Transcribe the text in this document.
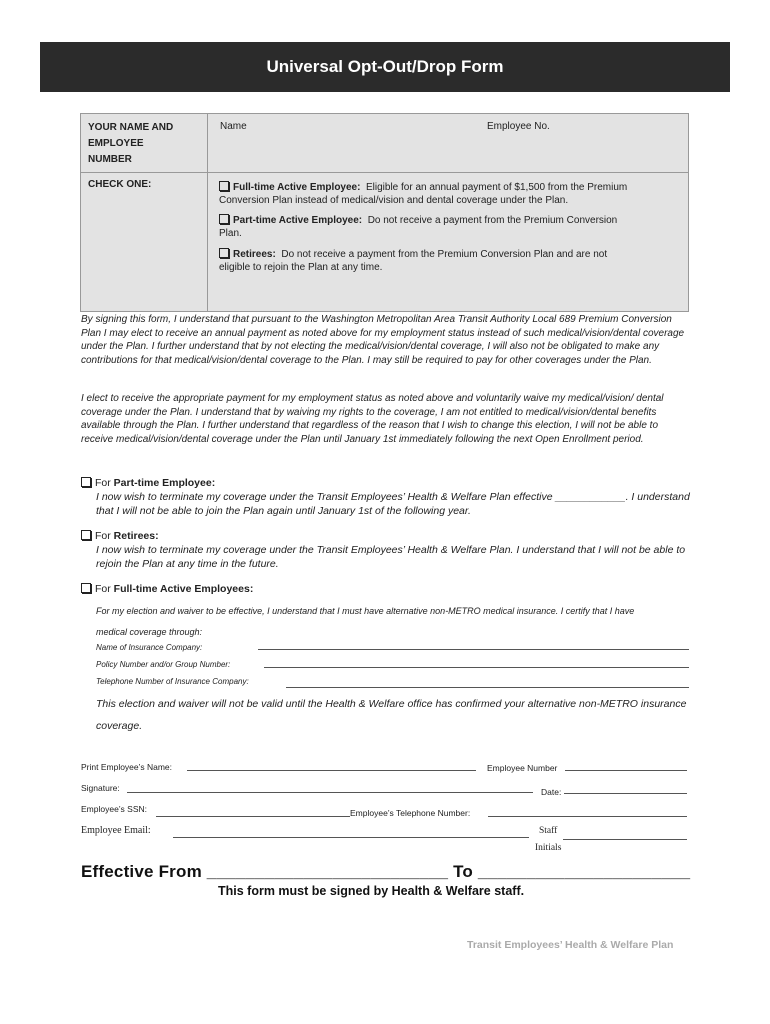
Universal Opt-Out/Drop Form
YOUR NAME AND EMPLOYEE NUMBER
Name	Employee No.
CHECK ONE:	Full-time Active Employee: Eligible for an annual payment of $1,500 from the Premium Conversion Plan instead of medical/vision and dental coverage under the Plan.
Part-time Active Employee: Do not receive a payment from the Premium Conversion Plan.
Retirees: Do not receive a payment from the Premium Conversion Plan and are not eligible to rejoin the Plan at any time.
By signing this form, I understand that pursuant to the Washington Metropolitan Area Transit Authority Local 689 Premium Conversion Plan I may elect to receive an annual payment as noted above for my employment status instead of such medical/vision/dental coverage under the Plan. I further understand that by not electing the medical/vision/dental coverage, I will also not be obligated to make any contributions for that medical/vision/dental coverage to the Plan. I may still be required to pay for other coverages under the Plan.
I elect to receive the appropriate payment for my employment status as noted above and voluntarily waive my medical/vision/ dental coverage under the Plan. I understand that by waiving my rights to the coverage, I am not entitled to medical/vision/dental benefits available through the Plan. I further understand that regardless of the reason that I wish to change this election, I will not be able to receive medical/vision/dental coverage under the Plan until January 1st immediately following the next Open Enrollment period.
For Part-time Employee:
I now wish to terminate my coverage under the Transit Employees’ Health & Welfare Plan effective ____________. I understand that I will not be able to join the Plan again until January 1st of the following year.
For Retirees:
I now wish to terminate my coverage under the Transit Employees’ Health & Welfare Plan. I understand that I will not be able to rejoin the Plan at any time in the future.
For Full-time Active Employees:
For my election and waiver to be effective, I understand that I must have alternative non-METRO medical insurance. I certify that I have
medical coverage through:
Name of Insurance Company:
Policy Number and/or Group Number:
Telephone Number of Insurance Company:
This election and waiver will not be valid until the Health & Welfare office has confirmed your alternative non-METRO insurance coverage.
Print Employee’s Name:	Employee Number
Signature:	Date:
Employee’s SSN:	Employee’s Telephone Number:
Employee Email:	Staff
Initials
Effective From _________________________ To ______________________
This form must be signed by Health & Welfare staff.
Transit Employees’ Health & Welfare Plan
